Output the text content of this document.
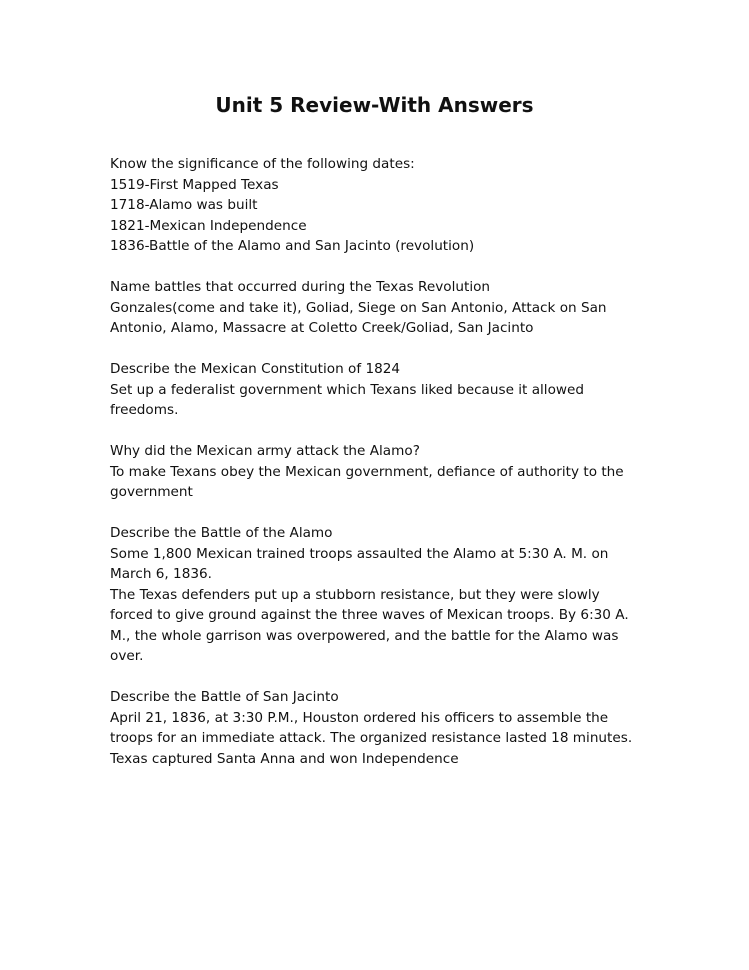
Unit 5 Review-With Answers
Know the significance of the following dates:
1519-First Mapped Texas
1718-Alamo was built
1821-Mexican Independence
1836-Battle of the Alamo and San Jacinto (revolution)
Name battles that occurred during the Texas Revolution
Gonzales(come and take it), Goliad, Siege on San Antonio, Attack on San
Antonio, Alamo, Massacre at Coletto Creek/Goliad, San Jacinto
Describe the Mexican Constitution of 1824
Set up a federalist government which Texans liked because it allowed
freedoms.
Why did the Mexican army attack the Alamo?
To make Texans obey the Mexican government, defiance of authority to the
government
Describe the Battle of the Alamo
Some 1,800 Mexican trained troops assaulted the Alamo at 5:30 A. M. on
March 6, 1836.
The Texas defenders put up a stubborn resistance, but they were slowly
forced to give ground against the three waves of Mexican troops. By 6:30 A.
M., the whole garrison was overpowered, and the battle for the Alamo was
over.
Describe the Battle of San Jacinto
April 21, 1836, at 3:30 P.M., Houston ordered his officers to assemble the
troops for an immediate attack. The organized resistance lasted 18 minutes.
Texas captured Santa Anna and won Independence
